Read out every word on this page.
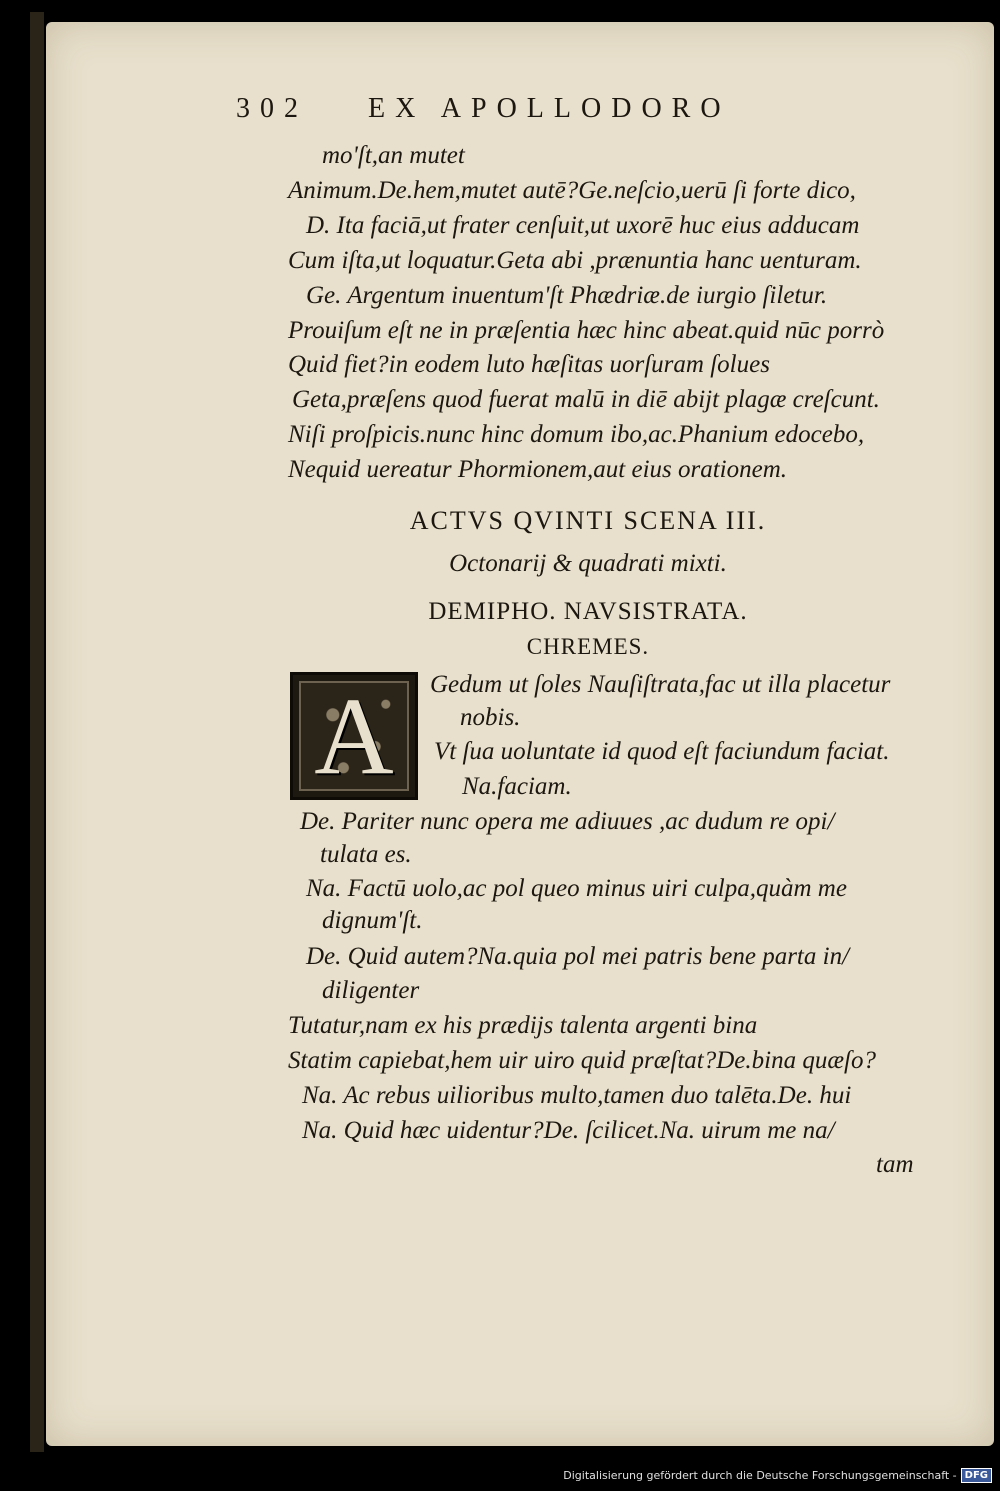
302 EX APOLLODORO
mo'ſt,an mutet
Animum.De.hem,mutet autē?Ge.neſcio,uerū ſi forte dico,
D. Ita faciā,ut frater cenſuit,ut uxorē huc eius adducam
Cum iſta,ut loquatur.Geta abi ,prænuntia hanc uenturam.
Ge. Argentum inuentum'ſt Phædriæ.de iurgio ſiletur.
Prouiſum eſt ne in præſentia hæc hinc abeat.quid nūc porrò
Quid fiet?in eodem luto hæſitas uorſuram ſolues
Geta,præſens quod fuerat malū in diē abijt plagæ creſcunt.
Niſi proſpicis.nunc hinc domum ibo,ac.Phanium edocebo,
Nequid uereatur Phormionem,aut eius orationem.
ACTVS QVINTI SCENA III.
Octonarij & quadrati mixti.
DEMIPHO. NAVSISTRATA.
CHREMES.
A	Gedum ut ſoles Nauſiſtrata,fac ut illa placetur
nobis.
Vt ſua uoluntate id quod eſt faciundum faciat.
Na.faciam.
De. Pariter nunc opera me adiuues ,ac dudum re opi/
tulata es.
Na. Factū uolo,ac pol queo minus uiri culpa,quàm me
dignum'ſt.
De. Quid autem?Na.quia pol mei patris bene parta in/
diligenter
Tutatur,nam ex his prædijs talenta argenti bina
Statim capiebat,hem uir uiro quid præſtat?De.bina quæſo?
Na. Ac rebus uilioribus multo,tamen duo talēta.De. hui
Na. Quid hæc uidentur?De. ſcilicet.Na. uirum me na/
tam
Digitalisierung gefördert durch die Deutsche Forschungsgemeinschaft - DFG
